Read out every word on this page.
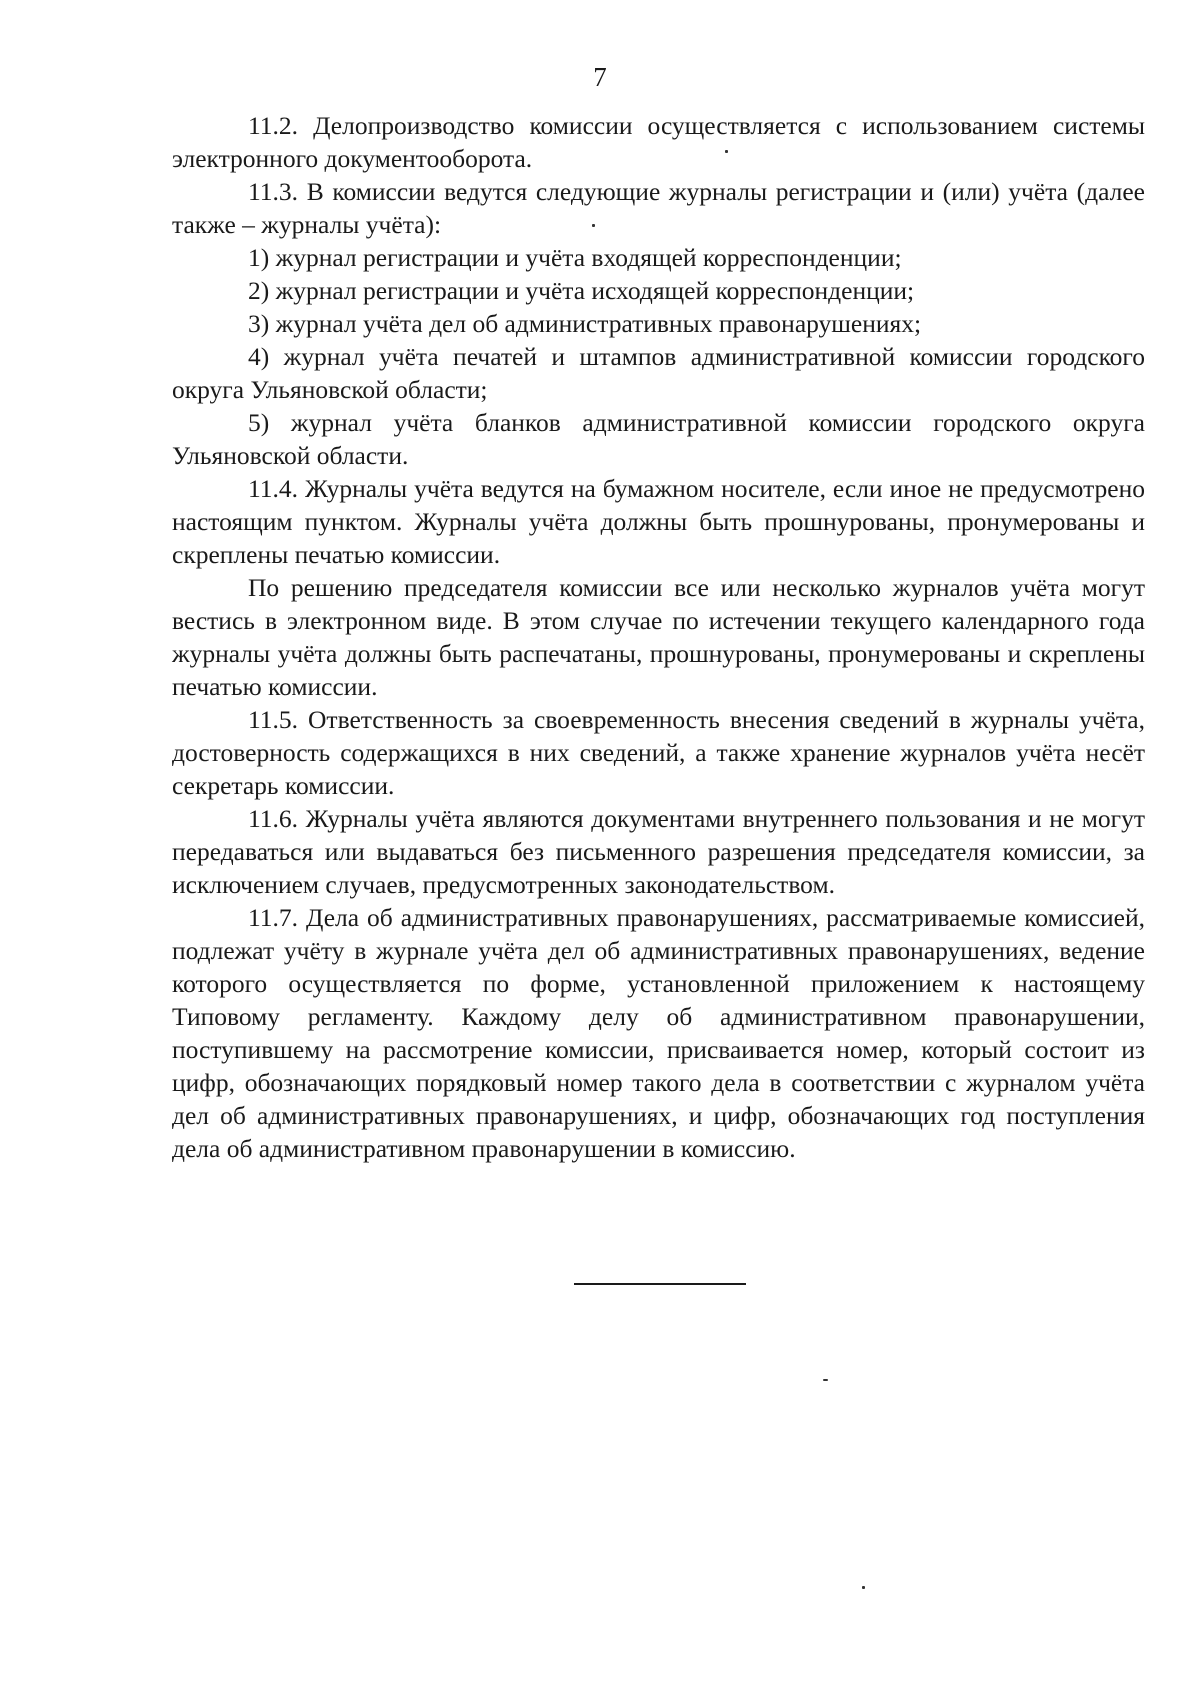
7

11.2. Делопроизводство комиссии осуществляется с использованием системы электронного документооборота.

11.3. В комиссии ведутся следующие журналы регистрации и (или) учёта (далее также – журналы учёта):

1) журнал регистрации и учёта входящей корреспонденции;

2) журнал регистрации и учёта исходящей корреспонденции;

3) журнал учёта дел об административных правонарушениях;

4) журнал учёта печатей и штампов административной комиссии городского округа Ульяновской области;

5) журнал учёта бланков административной комиссии городского округа Ульяновской области.

11.4. Журналы учёта ведутся на бумажном носителе, если иное не предусмотрено настоящим пунктом. Журналы учёта должны быть прошнурованы, пронумерованы и скреплены печатью комиссии.

По решению председателя комиссии все или несколько журналов учёта могут вестись в электронном виде. В этом случае по истечении текущего календарного года журналы учёта должны быть распечатаны, прошнурованы, пронумерованы и скреплены печатью комиссии.

11.5. Ответственность за своевременность внесения сведений в журналы учёта, достоверность содержащихся в них сведений, а также хранение журналов учёта несёт секретарь комиссии.

11.6. Журналы учёта являются документами внутреннего пользования и не могут передаваться или выдаваться без письменного разрешения председателя комиссии, за исключением случаев, предусмотренных законодательством.

11.7. Дела об административных правонарушениях, рассматриваемые комиссией, подлежат учёту в журнале учёта дел об административных правонарушениях, ведение которого осуществляется по форме, установленной приложением к настоящему Типовому регламенту. Каждому делу об административном правонарушении, поступившему на рассмотрение комиссии, присваивается номер, который состоит из цифр, обозначающих порядковый номер такого дела в соответствии с журналом учёта дел об административных правонарушениях, и цифр, обозначающих год поступления дела об административном правонарушении в комиссию.
